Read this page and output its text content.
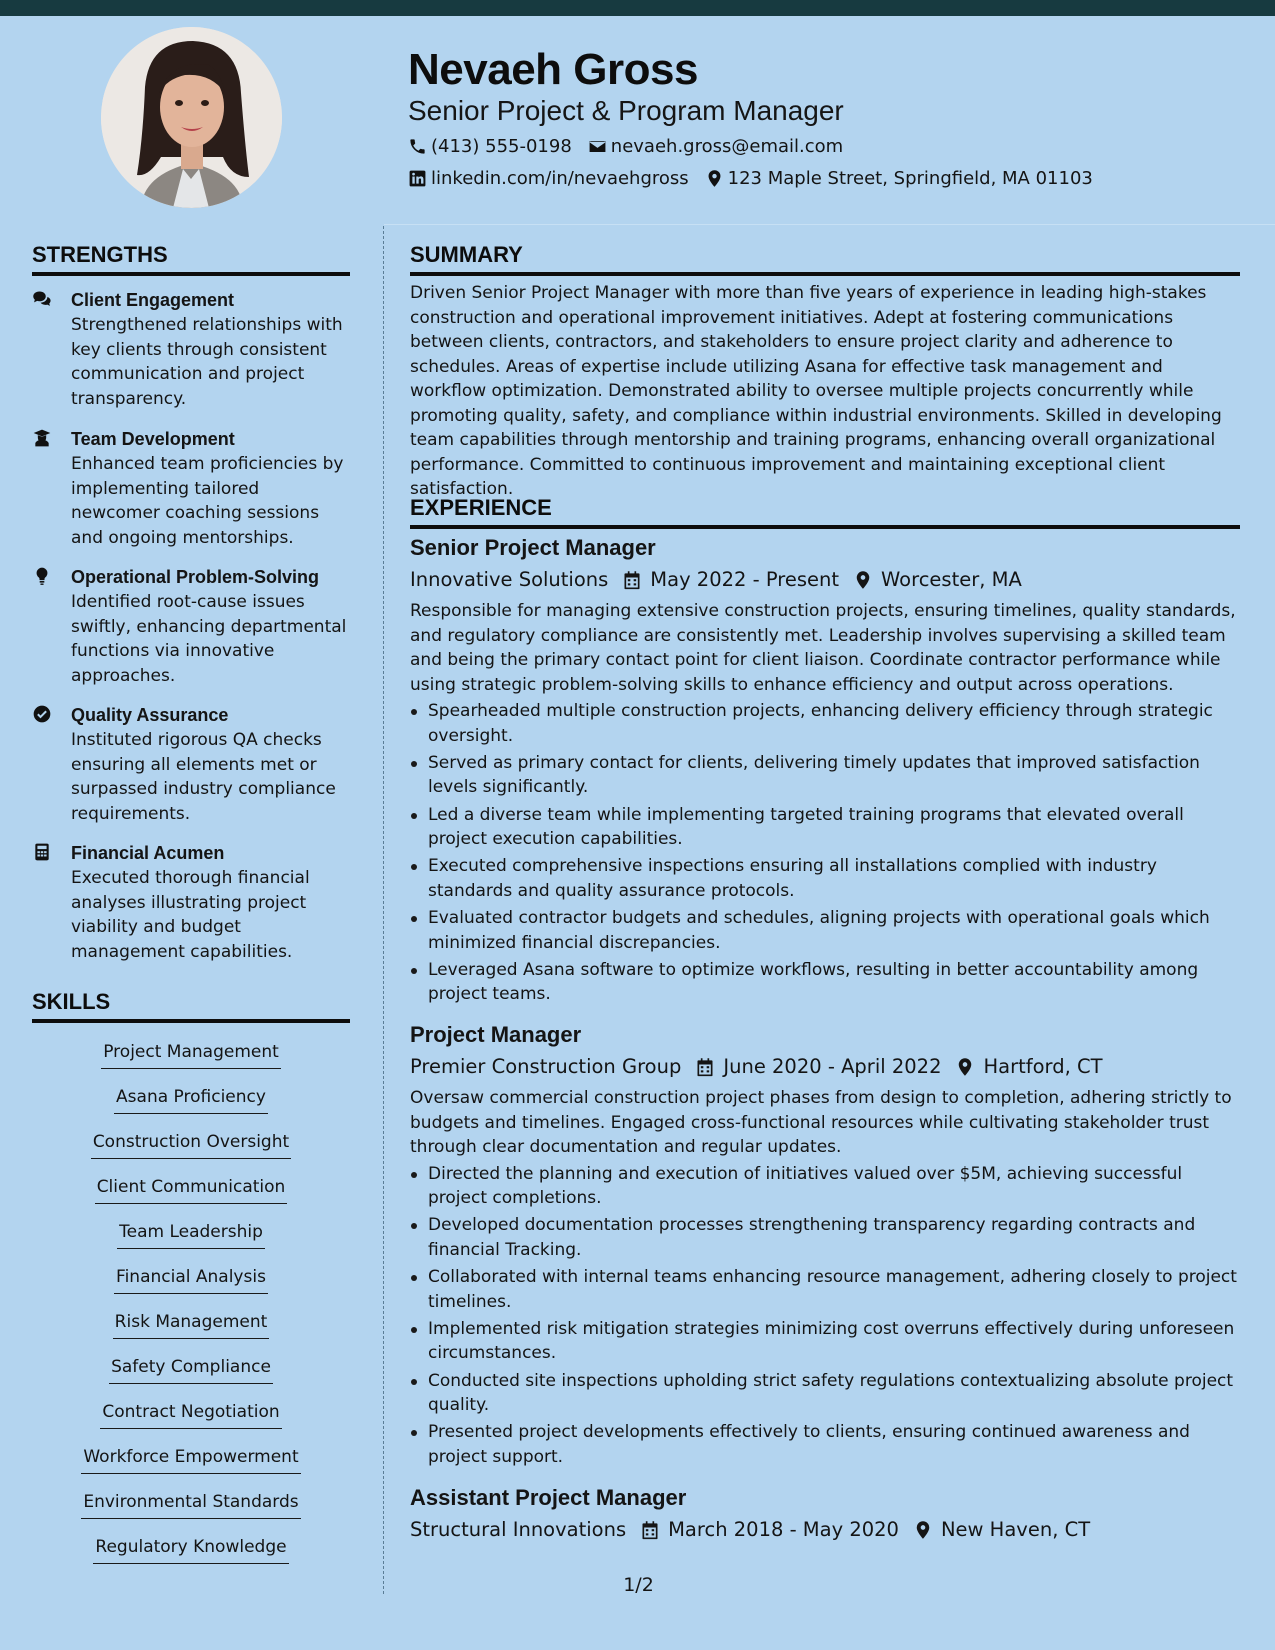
Nevaeh Gross
Senior Project & Program Manager
(413) 555-0198 nevaeh.gross@email.com
linkedin.com/in/nevaehgross 123 Maple Street, Springfield, MA 01103
STRENGTHS
Client Engagement
Strengthened relationships with key clients through consistent communication and project transparency.
Team Development
Enhanced team proficiencies by implementing tailored newcomer coaching sessions and ongoing mentorships.
Operational Problem-Solving
Identified root-cause issues swiftly, enhancing departmental functions via innovative approaches.
Quality Assurance
Instituted rigorous QA checks ensuring all elements met or surpassed industry compliance requirements.
Financial Acumen
Executed thorough financial analyses illustrating project viability and budget management capabilities.
SKILLS
Project Management
Asana Proficiency
Construction Oversight
Client Communication
Team Leadership
Financial Analysis
Risk Management
Safety Compliance
Contract Negotiation
Workforce Empowerment
Environmental Standards
Regulatory Knowledge
SUMMARY
Driven Senior Project Manager with more than five years of experience in leading high-stakes construction and operational improvement initiatives. Adept at fostering communications between clients, contractors, and stakeholders to ensure project clarity and adherence to schedules. Areas of expertise include utilizing Asana for effective task management and workflow optimization. Demonstrated ability to oversee multiple projects concurrently while promoting quality, safety, and compliance within industrial environments. Skilled in developing team capabilities through mentorship and training programs, enhancing overall organizational performance. Committed to continuous improvement and maintaining exceptional client satisfaction.
EXPERIENCE
Senior Project Manager
Innovative Solutions May 2022 - Present Worcester, MA
Responsible for managing extensive construction projects, ensuring timelines, quality standards, and regulatory compliance are consistently met. Leadership involves supervising a skilled team and being the primary contact point for client liaison. Coordinate contractor performance while using strategic problem-solving skills to enhance efficiency and output across operations.
Spearheaded multiple construction projects, enhancing delivery efficiency through strategic oversight.
Served as primary contact for clients, delivering timely updates that improved satisfaction levels significantly.
Led a diverse team while implementing targeted training programs that elevated overall project execution capabilities.
Executed comprehensive inspections ensuring all installations complied with industry standards and quality assurance protocols.
Evaluated contractor budgets and schedules, aligning projects with operational goals which minimized financial discrepancies.
Leveraged Asana software to optimize workflows, resulting in better accountability among project teams.
Project Manager
Premier Construction Group June 2020 - April 2022 Hartford, CT
Oversaw commercial construction project phases from design to completion, adhering strictly to budgets and timelines. Engaged cross-functional resources while cultivating stakeholder trust through clear documentation and regular updates.
Directed the planning and execution of initiatives valued over $5M, achieving successful project completions.
Developed documentation processes strengthening transparency regarding contracts and financial Tracking.
Collaborated with internal teams enhancing resource management, adhering closely to project timelines.
Implemented risk mitigation strategies minimizing cost overruns effectively during unforeseen circumstances.
Conducted site inspections upholding strict safety regulations contextualizing absolute project quality.
Presented project developments effectively to clients, ensuring continued awareness and project support.
Assistant Project Manager
Structural Innovations March 2018 - May 2020 New Haven, CT
1/2
